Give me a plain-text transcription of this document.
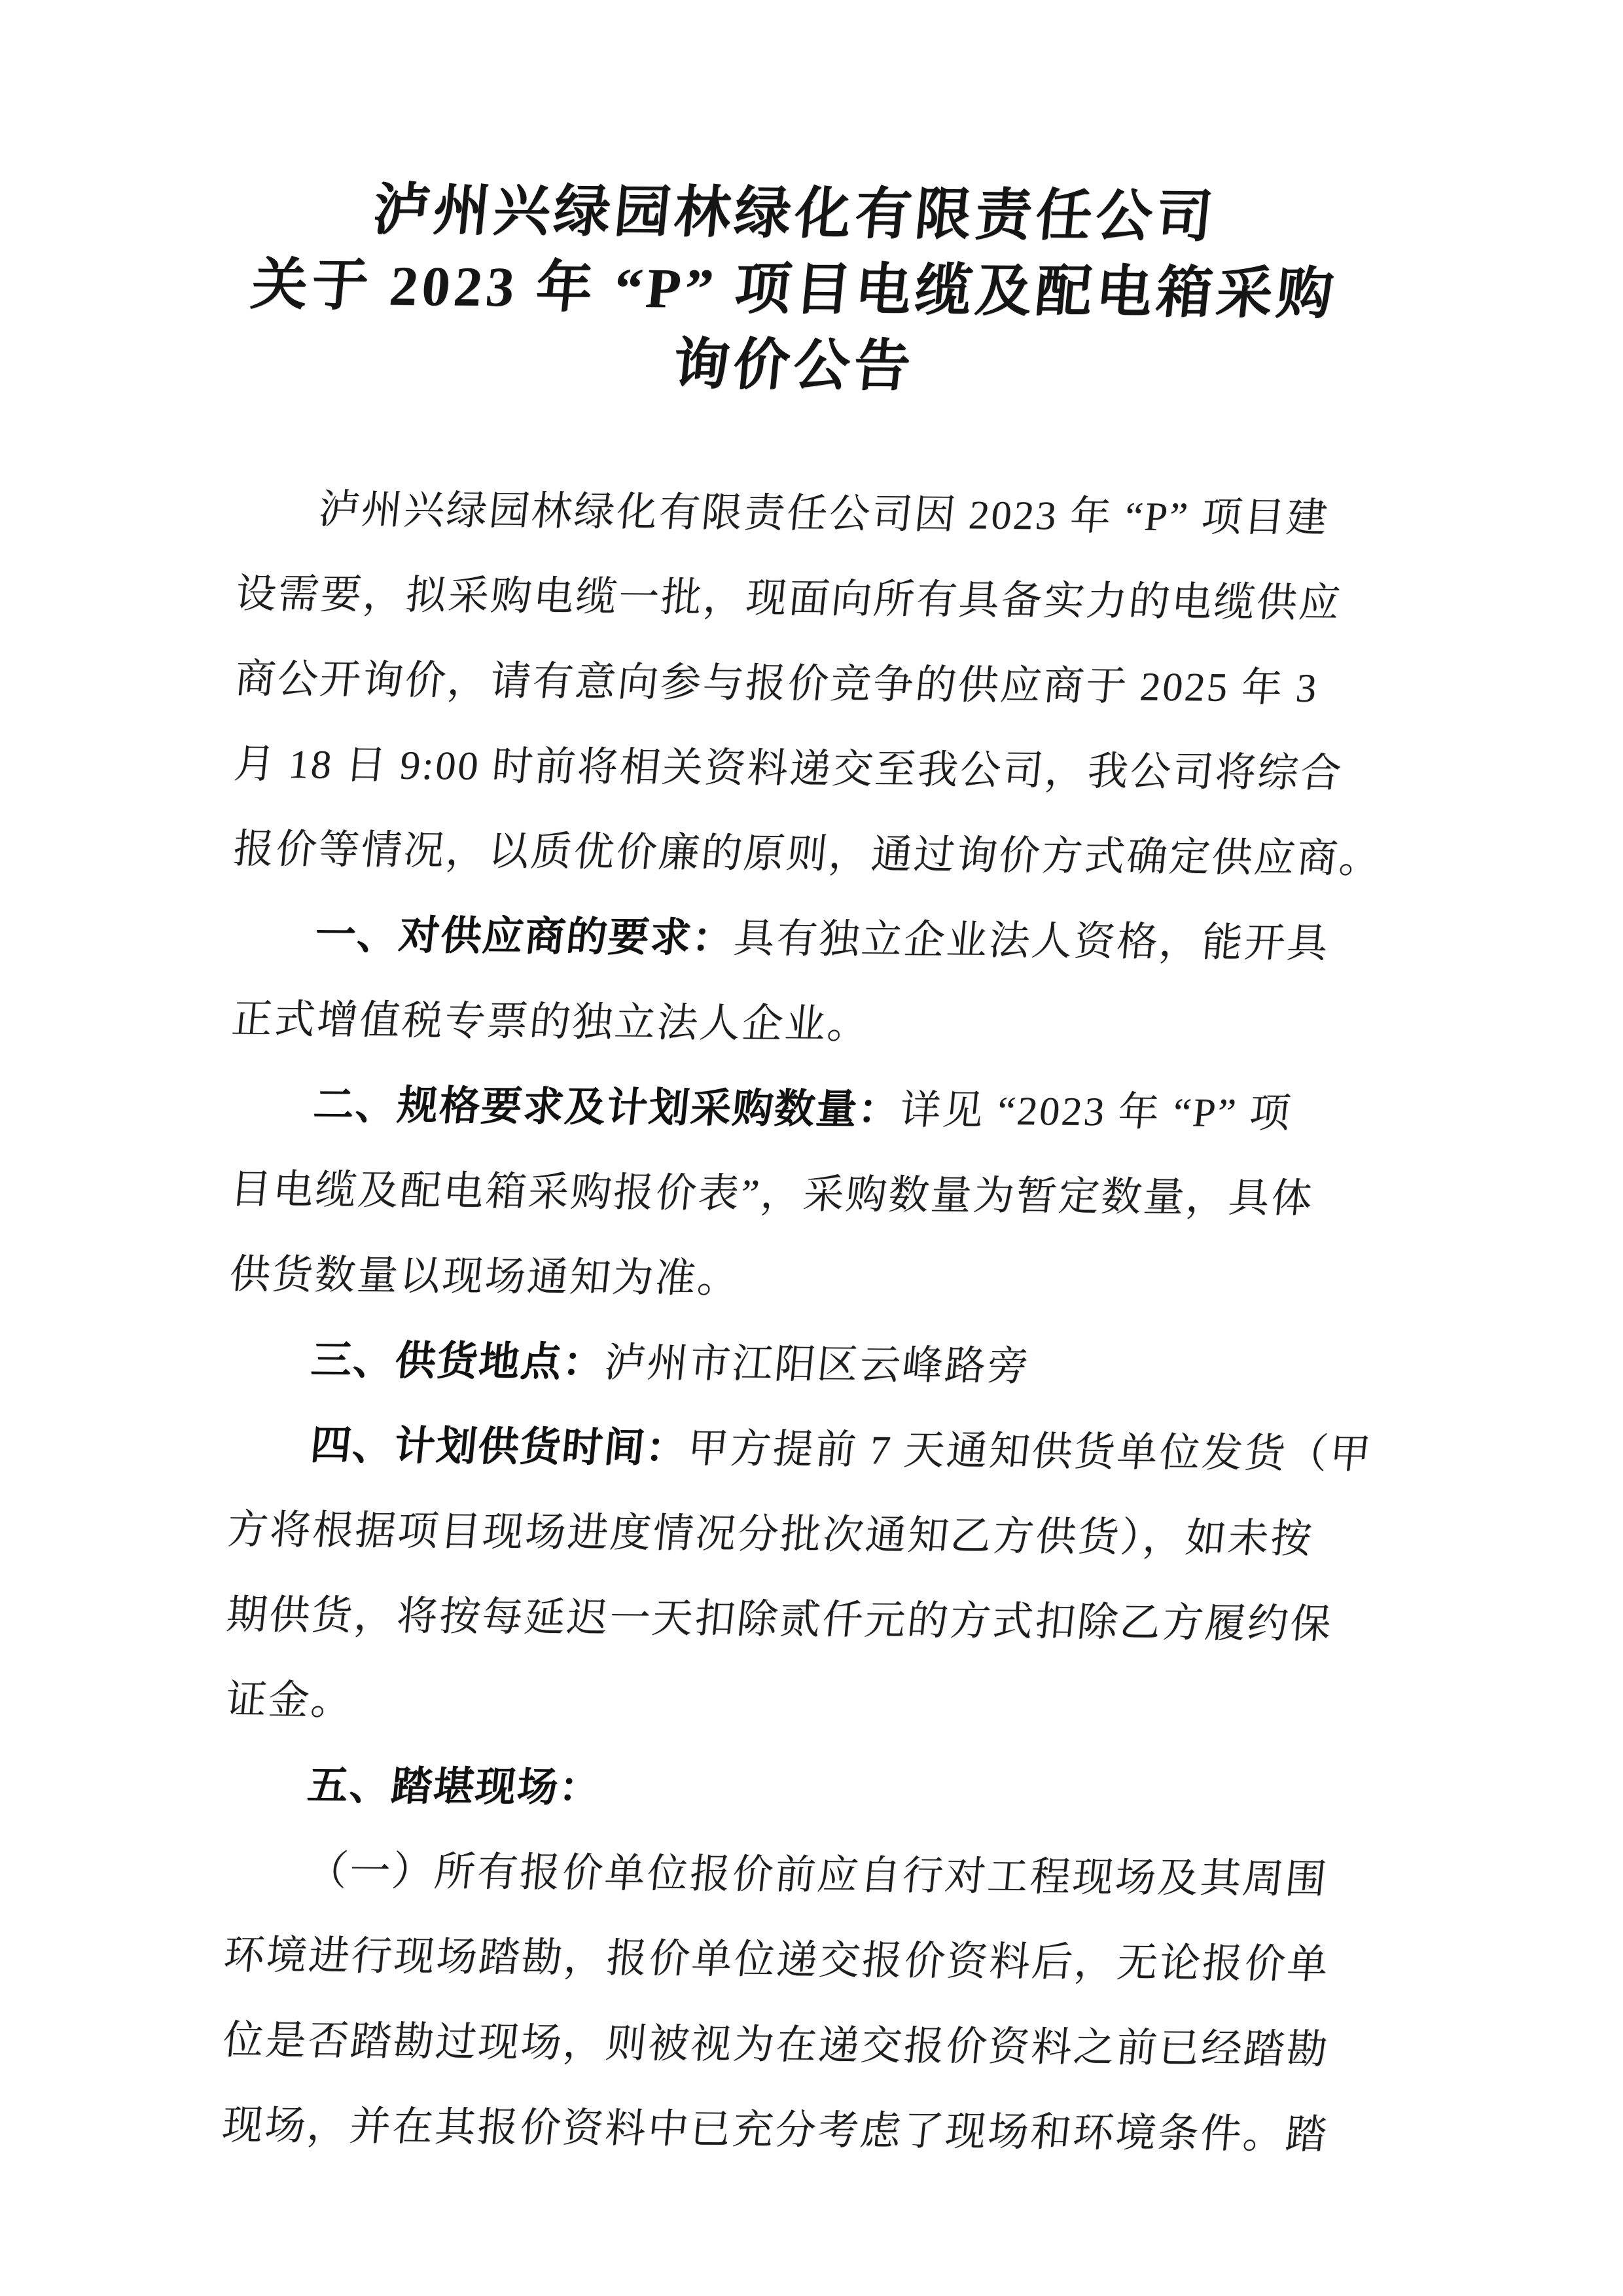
泸州兴绿园林绿化有限责任公司
关于 2023 年 “P” 项目电缆及配电箱采购
询价公告
泸州兴绿园林绿化有限责任公司因 2023 年 “P” 项目建
设需要，拟采购电缆一批，现面向所有具备实力的电缆供应
商公开询价，请有意向参与报价竞争的供应商于 2025 年 3
月 18 日 9:00 时前将相关资料递交至我公司，我公司将综合
报价等情况，以质优价廉的原则，通过询价方式确定供应商。
一、对供应商的要求：具有独立企业法人资格，能开具
正式增值税专票的独立法人企业。
二、规格要求及计划采购数量：详见 “2023 年 “P” 项
目电缆及配电箱采购报价表”，采购数量为暂定数量，具体
供货数量以现场通知为准。
三、供货地点：泸州市江阳区云峰路旁
四、计划供货时间：甲方提前 7 天通知供货单位发货（甲
方将根据项目现场进度情况分批次通知乙方供货），如未按
期供货，将按每延迟一天扣除贰仟元的方式扣除乙方履约保
证金。
五、踏堪现场：
（一）所有报价单位报价前应自行对工程现场及其周围
环境进行现场踏勘，报价单位递交报价资料后，无论报价单
位是否踏勘过现场，则被视为在递交报价资料之前已经踏勘
现场，并在其报价资料中已充分考虑了现场和环境条件。踏
